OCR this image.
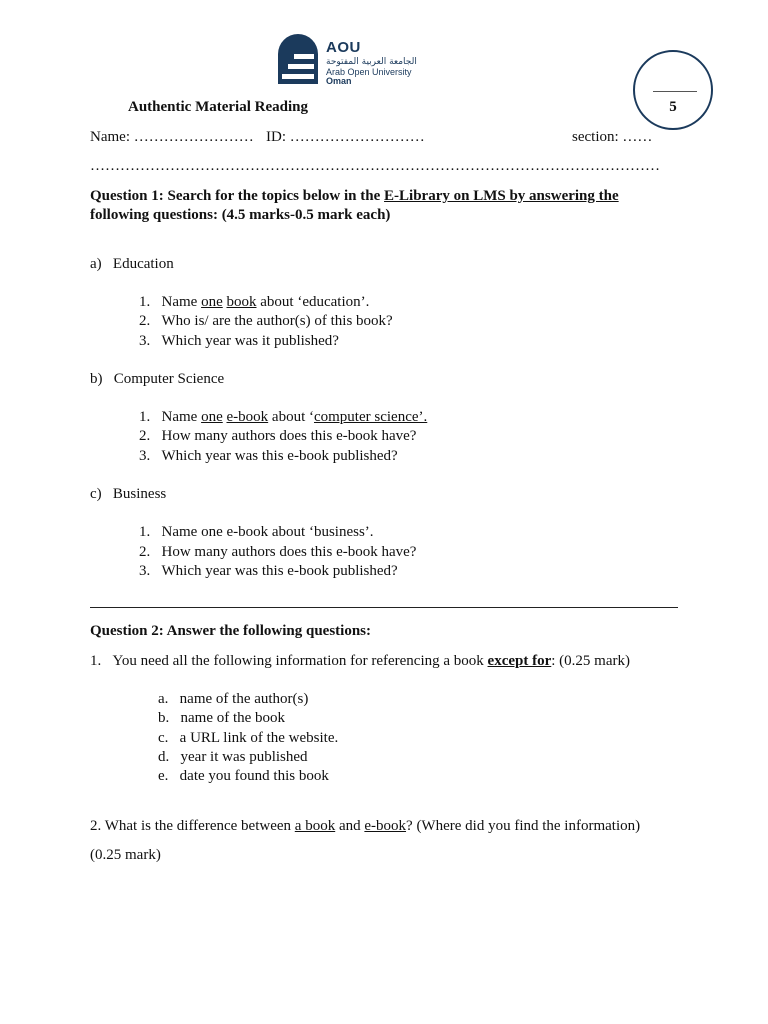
AOU
الجامعة العربية المفتوحة
Arab Open University
Oman
5
Authentic Material Reading
Name: …………………… ID: ………………………	section: ……
……………………………………………………………………………………………………
Question 1: Search for the topics below in the E-Library on LMS by answering the
following questions: (4.5 marks-0.5 mark each)
a) Education
1. Name one book about ‘education’.
2. Who is/ are the author(s) of this book?
3. Which year was it published?
b) Computer Science
1. Name one e-book about ‘computer science’.
2. How many authors does this e-book have?
3. Which year was this e-book published?
c) Business
1. Name one e-book about ‘business’.
2. How many authors does this e-book have?
3. Which year was this e-book published?
Question 2: Answer the following questions:
1. You need all the following information for referencing a book except for: (0.25 mark)
a. name of the author(s)
b. name of the book
c. a URL link of the website.
d. year it was published
e. date you found this book
2. What is the difference between a book and e-book? (Where did you find the information)
(0.25 mark)
